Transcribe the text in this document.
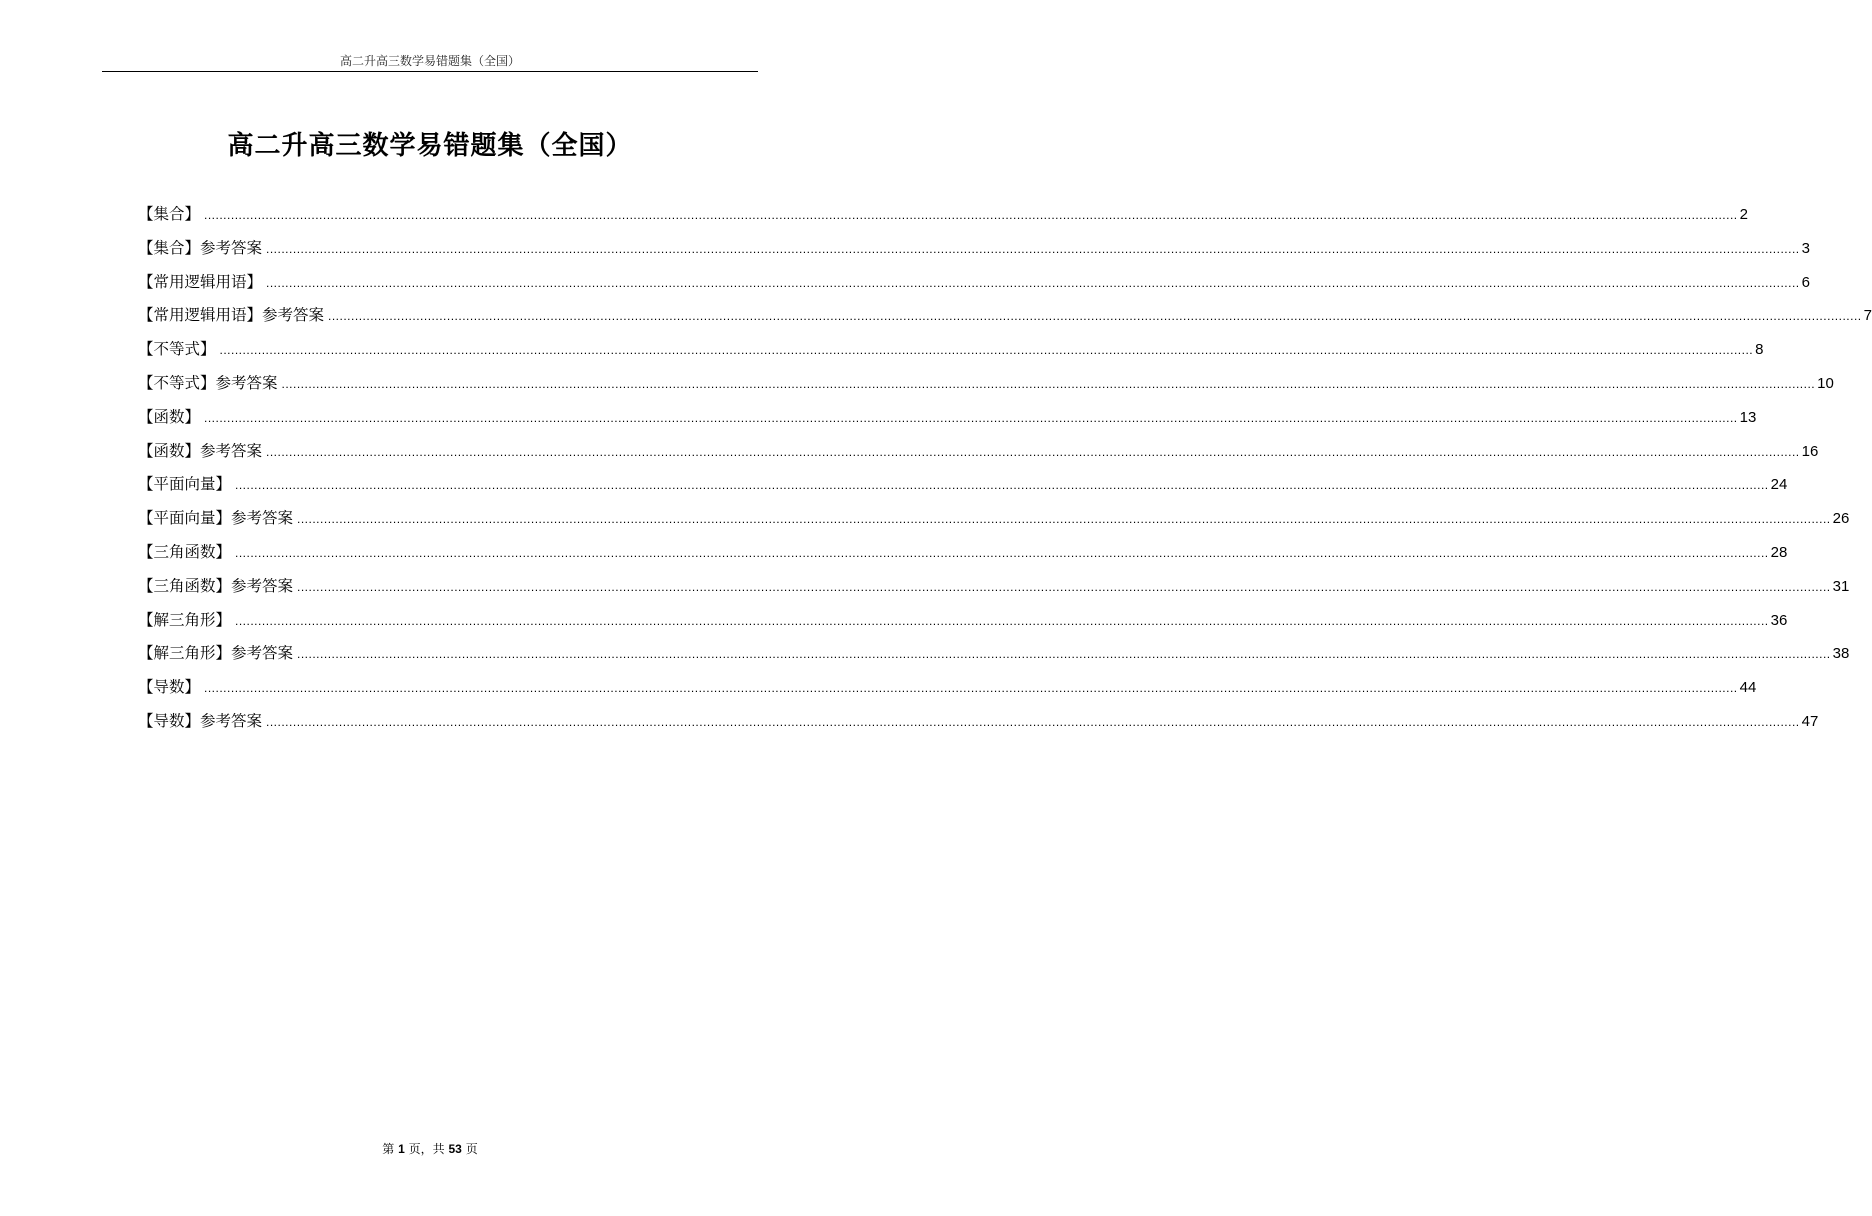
高二升高三数学易错题集（全国）
高二升高三数学易错题集（全国）
【集合】 ................................................................................................................................................................................................................................................................................................................................................................................................................ 2
【集合】参考答案 ................................................................................................................................................................................................................................................................................................................................................................................................................ 3
【常用逻辑用语】 ................................................................................................................................................................................................................................................................................................................................................................................................................ 6
【常用逻辑用语】参考答案 ................................................................................................................................................................................................................................................................................................................................................................................................................ 7
【不等式】 ................................................................................................................................................................................................................................................................................................................................................................................................................ 8
【不等式】参考答案 ................................................................................................................................................................................................................................................................................................................................................................................................................ 10
【函数】 ................................................................................................................................................................................................................................................................................................................................................................................................................ 13
【函数】参考答案 ................................................................................................................................................................................................................................................................................................................................................................................................................ 16
【平面向量】 ................................................................................................................................................................................................................................................................................................................................................................................................................ 24
【平面向量】参考答案 ................................................................................................................................................................................................................................................................................................................................................................................................................ 26
【三角函数】 ................................................................................................................................................................................................................................................................................................................................................................................................................ 28
【三角函数】参考答案 ................................................................................................................................................................................................................................................................................................................................................................................................................ 31
【解三角形】 ................................................................................................................................................................................................................................................................................................................................................................................................................ 36
【解三角形】参考答案 ................................................................................................................................................................................................................................................................................................................................................................................................................ 38
【导数】 ................................................................................................................................................................................................................................................................................................................................................................................................................ 44
【导数】参考答案 ................................................................................................................................................................................................................................................................................................................................................................................................................ 47
第 1 页，共 53 页
